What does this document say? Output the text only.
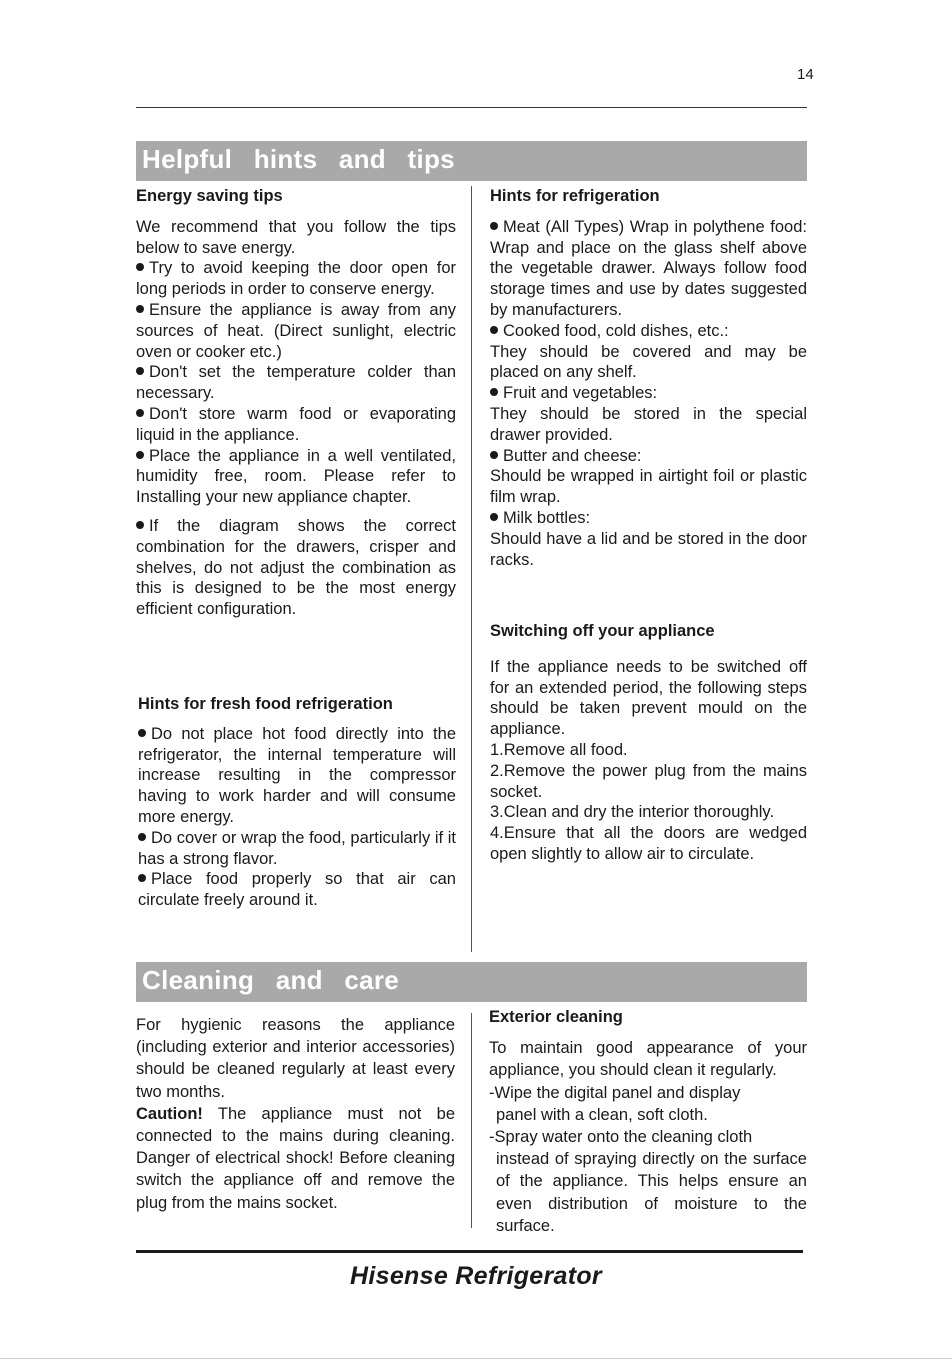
14
Helpful hints and tips

Energy saving tips

We recommend that you follow the tips below to save energy.

Try to avoid keeping the door open for long periods in order to conserve energy.

Ensure the appliance is away from any sources of heat. (Direct sunlight, electric oven or cooker etc.)

Don't set the temperature colder than necessary.

Don't store warm food or evaporating liquid in the appliance.

Place the appliance in a well ventilated, humidity free, room. Please refer to Installing your new appliance chapter.

If the diagram shows the correct combination for the drawers, crisper and shelves, do not adjust the combination as this is designed to be the most energy efficient configuration.

Hints for fresh food refrigeration

Do not place hot food directly into the refrigerator, the internal temperature will increase resulting in the compressor having to work harder and will consume more energy.

Do cover or wrap the food, particularly if it has a strong flavor.

Place food properly so that air can circulate freely around it.

Hints for refrigeration

Meat (All Types) Wrap in polythene food: Wrap and place on the glass shelf above the vegetable drawer. Always follow food storage times and use by dates suggested by manufacturers.

Cooked food, cold dishes, etc.:

They should be covered and may be placed on any shelf.

Fruit and vegetables:

They should be stored in the special drawer provided.

Butter and cheese:

Should be wrapped in airtight foil or plastic film wrap.

Milk bottles:

Should have a lid and be stored in the door racks.

Switching off your appliance

If the appliance needs to be switched off for an extended period, the following steps should be taken prevent mould on the appliance.

1.Remove all food.

2.Remove the power plug from the mains socket.

3.Clean and dry the interior thoroughly.

4.Ensure that all the doors are wedged open slightly to allow air to circulate.

Cleaning and care

For hygienic reasons the appliance (including exterior and interior accessories) should be cleaned regularly at least every two months.

Caution! The appliance must not be connected to the mains during cleaning. Danger of electrical shock! Before cleaning switch the appliance off and remove the plug from the mains socket.

Exterior cleaning

To maintain good appearance of your appliance, you should clean it regularly.

-Wipe the digital panel and display

panel with a clean, soft cloth.

-Spray water onto the cleaning cloth

instead of spraying directly on the surface of the appliance. This helps ensure an even distribution of moisture to the surface.

Hisense Refrigerator
